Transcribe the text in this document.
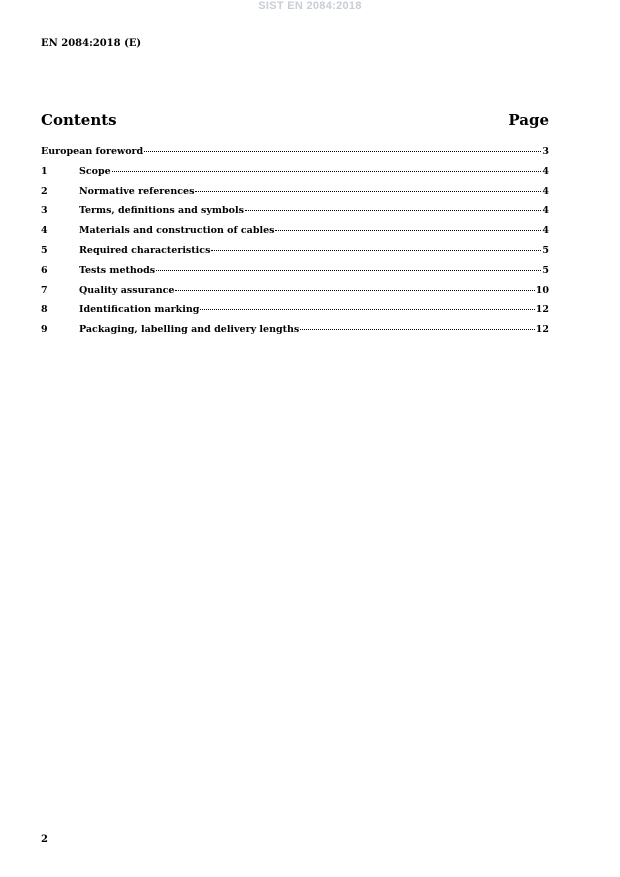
SIST EN 2084:2018
EN 2084:2018 (E)
Contents	Page
European foreword	3
1	Scope	4
2	Normative references	4
3	Terms, definitions and symbols	4
4	Materials and construction of cables	4
5	Required characteristics	5
6	Tests methods	5
7	Quality assurance	10
8	Identification marking	12
9	Packaging, labelling and delivery lengths	12
2
